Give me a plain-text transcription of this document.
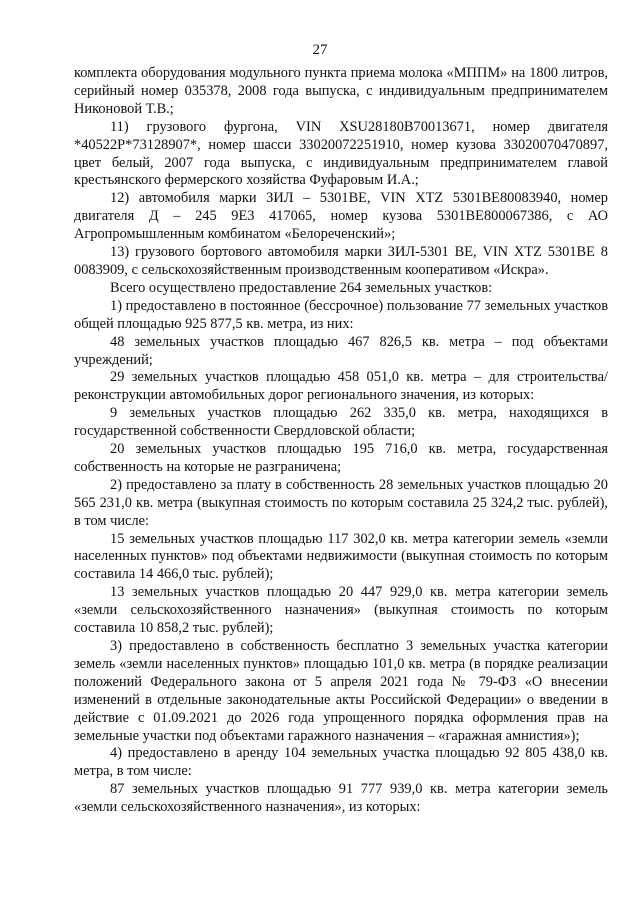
27

комплекта оборудования модульного пункта приема молока «МППМ» на 1800 литров, серийный номер 035378, 2008 года выпуска, с индивидуальным предпринимателем Никоновой Т.В.;

11) грузового фургона, VIN XSU28180B70013671, номер двигателя *40522Р*73128907*, номер шасси 33020072251910, номер кузова 33020070470897, цвет белый, 2007 года выпуска, с индивидуальным предпринимателем главой крестьянского фермерского хозяйства Фуфаровым И.А.;

12) автомобиля марки ЗИЛ – 5301ВЕ, VIN XTZ 5301BE80083940, номер двигателя Д – 245 9E3 417065, номер кузова 5301BE800067386, с АО Агропромышленным комбинатом «Белореченский»;

13) грузового бортового автомобиля марки ЗИЛ-5301 ВЕ, VIN XTZ 5301ВЕ 8 0083909, с сельскохозяйственным производственным кооперативом «Искра».

Всего осуществлено предоставление 264 земельных участков:

1) предоставлено в постоянное (бессрочное) пользование 77 земельных участков общей площадью 925 877,5 кв. метра, из них:

48 земельных участков площадью 467 826,5 кв. метра – под объектами учреждений;

29 земельных участков площадью 458 051,0 кв. метра – для строительства/реконструкции автомобильных дорог регионального значения, из которых:

9 земельных участков площадью 262 335,0 кв. метра, находящихся в государственной собственности Свердловской области;

20 земельных участков площадью 195 716,0 кв. метра, государственная собственность на которые не разграничена;

2) предоставлено за плату в собственность 28 земельных участков площадью 20 565 231,0 кв. метра (выкупная стоимость по которым составила 25 324,2 тыс. рублей), в том числе:

15 земельных участков площадью 117 302,0 кв. метра категории земель «земли населенных пунктов» под объектами недвижимости (выкупная стоимость по которым составила 14 466,0 тыс. рублей);

13 земельных участков площадью 20 447 929,0 кв. метра категории земель «земли сельскохозяйственного назначения» (выкупная стоимость по которым составила 10 858,2 тыс. рублей);

3) предоставлено в собственность бесплатно 3 земельных участка категории земель «земли населенных пунктов» площадью 101,0 кв. метра (в порядке реализации положений Федерального закона от 5 апреля 2021 года № 79-ФЗ «О внесении изменений в отдельные законодательные акты Российской Федерации» о введении в действие с 01.09.2021 до 2026 года упрощенного порядка оформления прав на земельные участки под объектами гаражного назначения – «гаражная амнистия»);

4) предоставлено в аренду 104 земельных участка площадью 92 805 438,0 кв. метра, в том числе:

87 земельных участков площадью 91 777 939,0 кв. метра категории земель «земли сельскохозяйственного назначения», из которых:
